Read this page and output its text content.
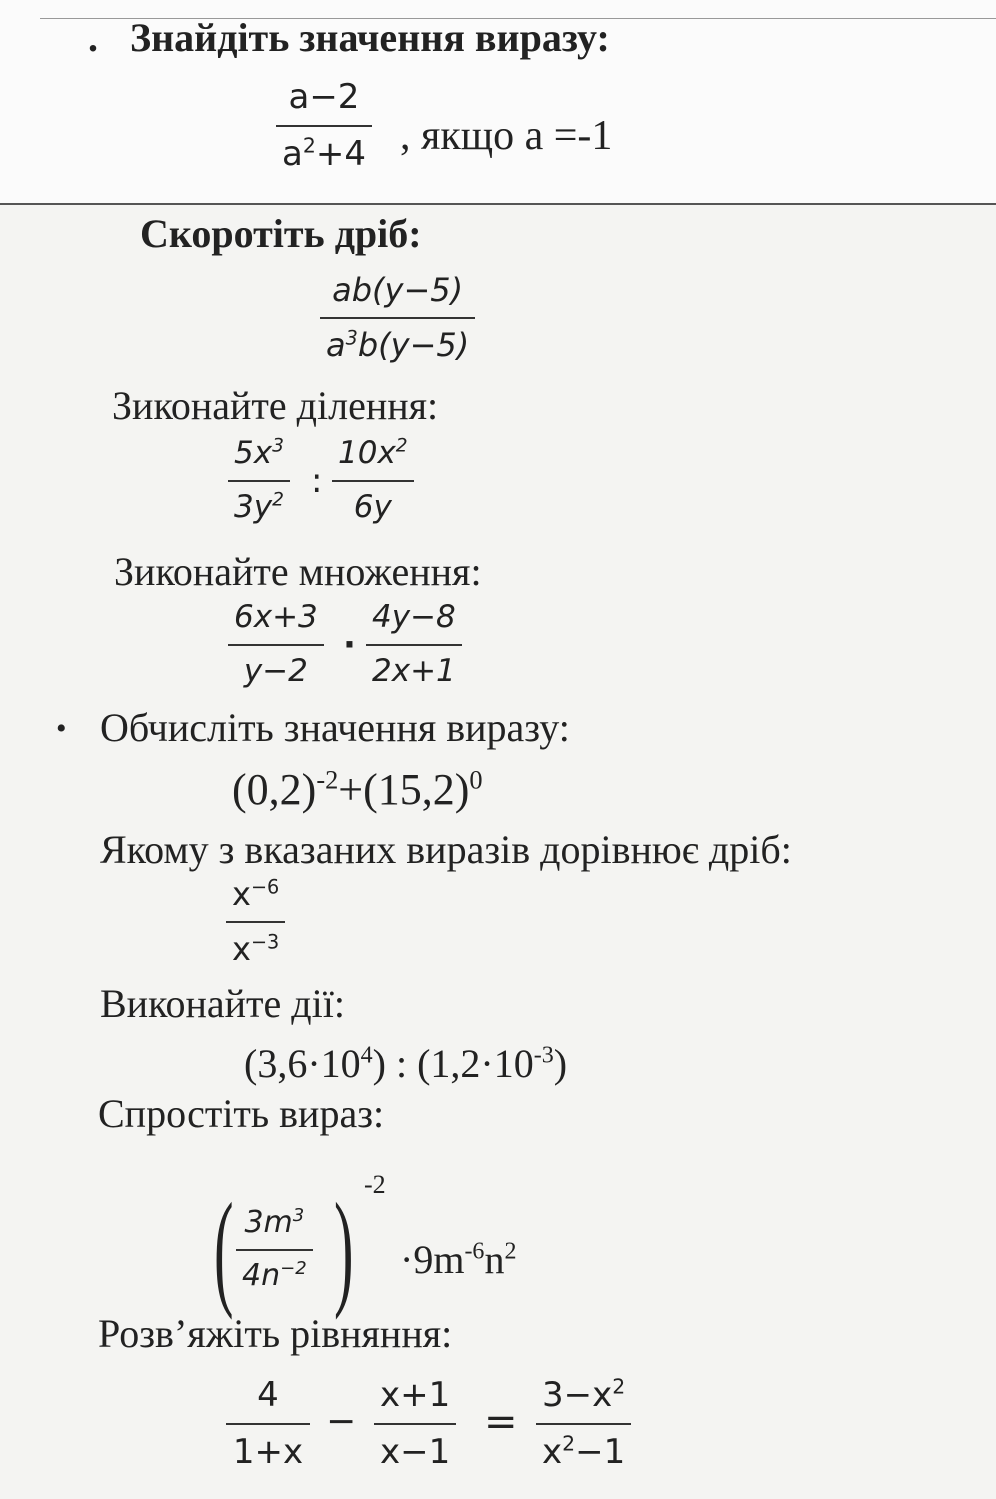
. Знайдіть значення виразу:
a−2
$a^2+4$ , якщо a =-1
Скоротіть дріб:
ab(y−5)
$a^3b(y-5)$
Зиконайте ділення:
$5x^3$
$3y^2$ :
$10x^2$
6y
Зиконайте множення:
6x+3
y−2
·
4y−8
2x+1
• Обчисліть значення виразу:
$(0,2)^{-2}+(15,2)^0$
Якому з вказаних виразів дорівнює дріб:
$x^{-6}$
$x^{-3}$
Виконайте дії:
$(3,6\cdot 10^4)$ : $(1,2\cdot 10^{-3})$
Спростіть вираз:
( $3m^3$
$4n^{-2}$ ) -2
$\cdot 9m^{-6}n^2$
Розв’яжіть рівняння:
4
1+x
−
x+1
x−1
=
$3-x^2$
$x^2-1$
